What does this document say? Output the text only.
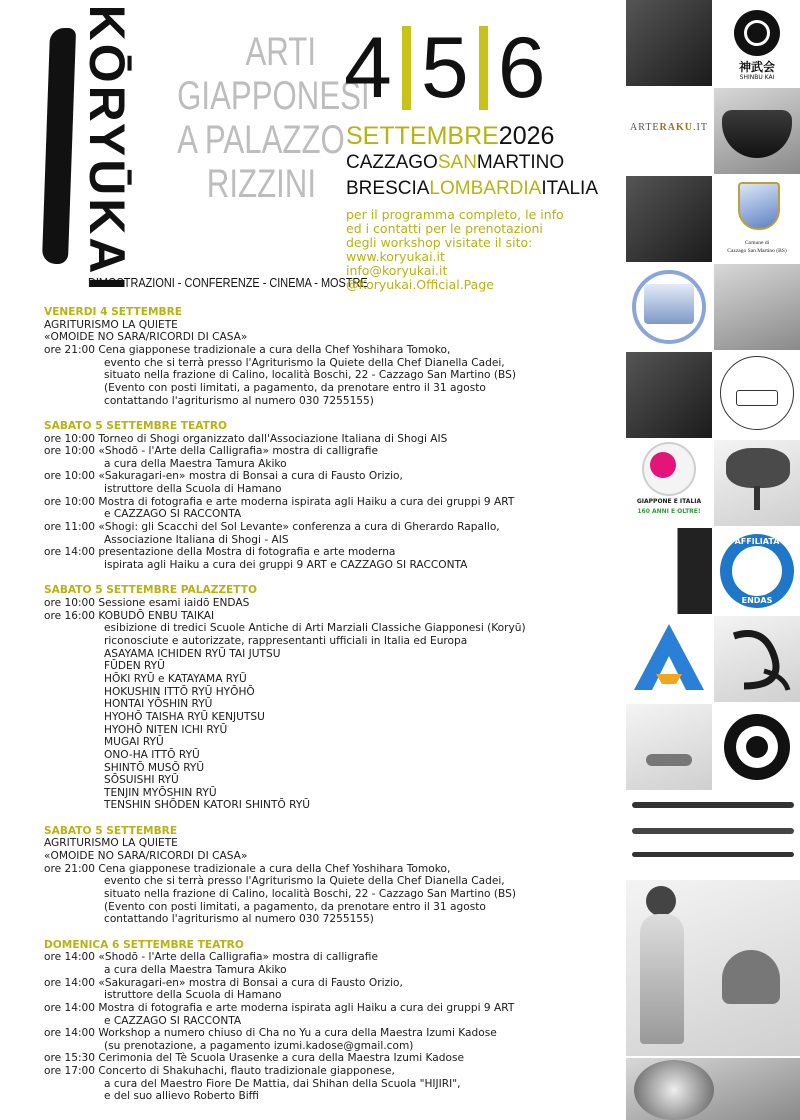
KŌRYŪKAI	ARTI
GIAPPONESI
A PALAZZO
RIZZINI
DIMOSTRAZIONI - CONFERENZE - CINEMA - MOSTRE
4 5 6
SETTEMBRE2026
CAZZAGOSANMARTINO
BRESCIALOMBARDIAITALIA
per il programma completo, le info
ed i contatti per le prenotazioni
degli workshop visitate il sito:
www.koryukai.it
info@koryukai.it
@Koryukai.Official.Page
VENERDI 4 SETTEMBRE
AGRITURISMO LA QUIETE
«OMOIDE NO SARA/RICORDI DI CASA»
ore 21:00 Cena giapponese tradizionale a cura della Chef Yoshihara Tomoko,
evento che si terrà presso l'Agriturismo la Quiete della Chef Dianella Cadei,
situato nella frazione di Calino, località Boschi, 22 - Cazzago San Martino (BS)
(Evento con posti limitati, a pagamento, da prenotare entro il 31 agosto
contattando l'agriturismo al numero 030 7255155)
SABATO 5 SETTEMBRE TEATRO
ore 10:00 Torneo di Shogi organizzato dall'Associazione Italiana di Shogi AIS
ore 10:00 «Shodō - l'Arte della Calligrafia» mostra di calligrafie
a cura della Maestra Tamura Akiko
ore 10:00 «Sakuragari-en» mostra di Bonsai a cura di Fausto Orizio,
istruttore della Scuola di Hamano
ore 10:00 Mostra di fotografia e arte moderna ispirata agli Haiku a cura dei gruppi 9 ART
e CAZZAGO SI RACCONTA
ore 11:00 «Shogi: gli Scacchi del Sol Levante» conferenza a cura di Gherardo Rapallo,
Associazione Italiana di Shogi - AIS
ore 14:00 presentazione della Mostra di fotografia e arte moderna
ispirata agli Haiku a cura dei gruppi 9 ART e CAZZAGO SI RACCONTA
SABATO 5 SETTEMBRE PALAZZETTO
ore 10:00 Sessione esami iaidō ENDAS
ore 16:00 KOBUDŌ ENBU TAIKAI
esibizione di tredici Scuole Antiche di Arti Marziali Classiche Giapponesi (Koryū)
riconosciute e autorizzate, rappresentanti ufficiali in Italia ed Europa
ASAYAMA ICHIDEN RYŪ TAI JUTSU
FŪDEN RYŪ
HŌKI RYŪ e KATAYAMA RYŪ
HOKUSHIN ITTŌ RYŪ HYŌHŌ
HONTAI YŌSHIN RYŪ
HYOHŌ TAISHA RYŪ KENJUTSU
HYOHŌ NITEN ICHI RYŪ
MUGAI RYŪ
ONO-HA ITTŌ RYŪ
SHINTŌ MUSŌ RYŪ
SŌSUISHI RYŪ
TENJIN MYŌSHIN RYŪ
TENSHIN SHŌDEN KATORI SHINTŌ RYŪ
SABATO 5 SETTEMBRE
AGRITURISMO LA QUIETE
«OMOIDE NO SARA/RICORDI DI CASA»
ore 21:00 Cena giapponese tradizionale a cura della Chef Yoshihara Tomoko,
evento che si terrà presso l'Agriturismo la Quiete della Chef Dianella Cadei,
situato nella frazione di Calino, località Boschi, 22 - Cazzago San Martino (BS)
(Evento con posti limitati, a pagamento, da prenotare entro il 31 agosto
contattando l'agriturismo al numero 030 7255155)
DOMENICA 6 SETTEMBRE TEATRO
ore 14:00 «Shodō - l'Arte della Calligrafia» mostra di calligrafie
a cura della Maestra Tamura Akiko
ore 14:00 «Sakuragari-en» mostra di Bonsai a cura di Fausto Orizio,
istruttore della Scuola di Hamano
ore 14:00 Mostra di fotografia e arte moderna ispirata agli Haiku a cura dei gruppi 9 ART
e CAZZAGO SI RACCONTA
ore 14:00 Workshop a numero chiuso di Cha no Yu a cura della Maestra Izumi Kadose
(su prenotazione, a pagamento izumi.kadose@gmail.com)
ore 15:30 Cerimonia del Tè Scuola Urasenke a cura della Maestra Izumi Kadose
ore 17:00 Concerto di Shakuhachi, flauto tradizionale giapponese,
a cura del Maestro Fiore De Mattia, dai Shihan della Scuola "HIJIRI",
e del suo allievo Roberto Biffi
神武会
SHINBU KAI
ARTERAKU.IT
Comune di
Cazzago San Martino (BS)
GIAPPONE E ITALIA
160 ANNI E OLTRE!
AFFILIATA
ENDAS
